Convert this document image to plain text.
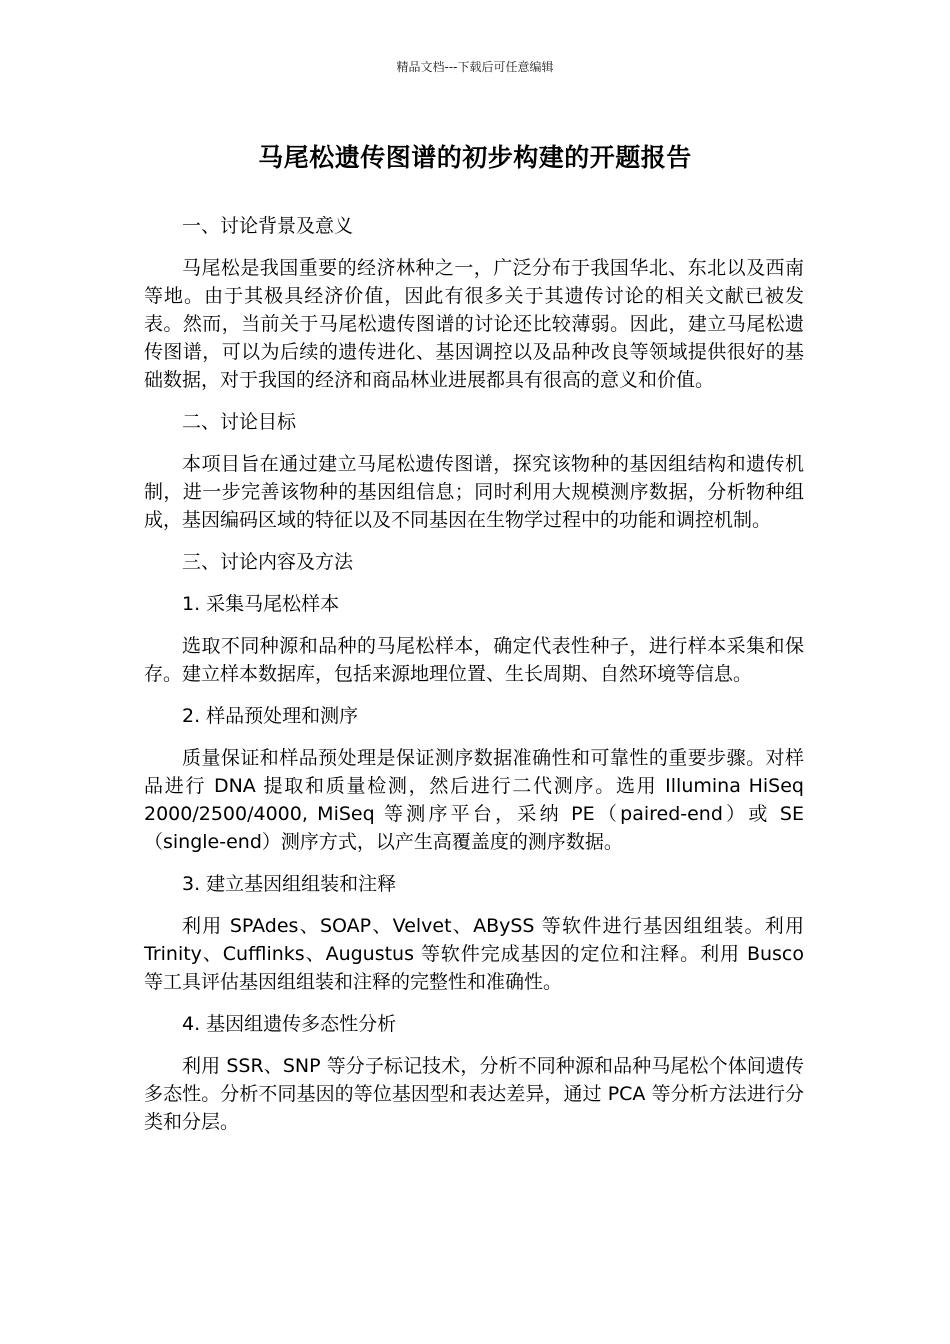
精品文档---下载后可任意编辑
马尾松遗传图谱的初步构建的开题报告

一、讨论背景及意义

马尾松是我国重要的经济林种之一，广泛分布于我国华北、东北以及西南等地。由于其极具经济价值，因此有很多关于其遗传讨论的相关文献已被发表。然而，当前关于马尾松遗传图谱的讨论还比较薄弱。因此，建立马尾松遗传图谱，可以为后续的遗传进化、基因调控以及品种改良等领域提供很好的基础数据，对于我国的经济和商品林业进展都具有很高的意义和价值。

二、讨论目标

本项目旨在通过建立马尾松遗传图谱，探究该物种的基因组结构和遗传机制，进一步完善该物种的基因组信息；同时利用大规模测序数据，分析物种组成，基因编码区域的特征以及不同基因在生物学过程中的功能和调控机制。

三、讨论内容及方法

1. 采集马尾松样本

选取不同种源和品种的马尾松样本，确定代表性种子，进行样本采集和保存。建立样本数据库，包括来源地理位置、生长周期、自然环境等信息。

2. 样品预处理和测序

质量保证和样品预处理是保证测序数据准确性和可靠性的重要步骤。对样品进行 DNA 提取和质量检测，然后进行二代测序。选用 Illumina HiSeq 2000/2500/4000, MiSeq 等测序平台，采纳 PE（paired-end）或 SE（single-end）测序方式，以产生高覆盖度的测序数据。

3. 建立基因组组装和注释

利用 SPAdes、SOAP、Velvet、ABySS 等软件进行基因组组装。利用 Trinity、Cufflinks、Augustus 等软件完成基因的定位和注释。利用 Busco 等工具评估基因组组装和注释的完整性和准确性。

4. 基因组遗传多态性分析

利用 SSR、SNP 等分子标记技术，分析不同种源和品种马尾松个体间遗传多态性。分析不同基因的等位基因型和表达差异，通过 PCA 等分析方法进行分类和分层。
